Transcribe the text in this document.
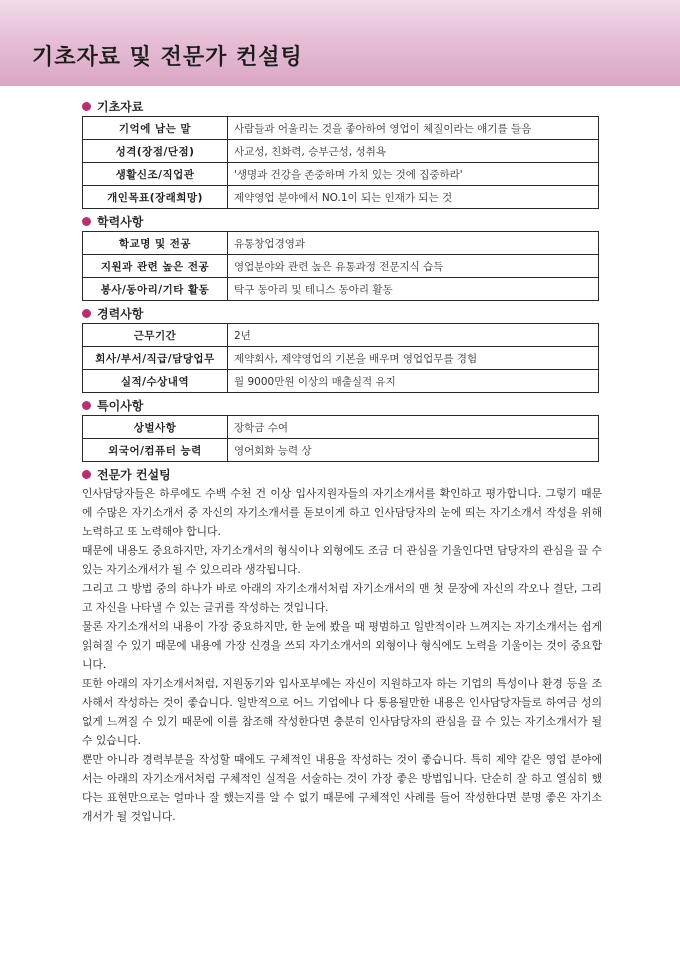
기초자료 및 전문가 컨설팅
기초자료
기억에 남는 말	사람들과 어울리는 것을 좋아하여 영업이 체질이라는 얘기를 들음
성격(장점/단점)	사교성, 친화력, 승부근성, 성취욕
생활신조/직업관	'생명과 건강을 존중하며 가치 있는 것에 집중하라'
개인목표(장래희망)	제약영업 분야에서 NO.1이 되는 인재가 되는 것
학력사항
학교명 및 전공	유통창업경영과
지원과 관련 높은 전공	영업분야와 관련 높은 유통과정 전문지식 습득
봉사/동아리/기타 활동	탁구 동아리 및 테니스 동아리 활동
경력사항
근무기간	2년
회사/부서/직급/담당업무	제약회사, 제약영업의 기본을 배우며 영업업무를 경험
실적/수상내역	월 9000만원 이상의 매출실적 유지
특이사항
상벌사항	장학금 수여
외국어/컴퓨터 능력	영어회화 능력 상
전문가 컨설팅

인사담당자들은 하루에도 수백 수천 건 이상 입사지원자들의 자기소개서를 확인하고 평가합니다. 그렇기 때문에 수많은 자기소개서 중 자신의 자기소개서를 돋보이게 하고 인사담당자의 눈에 띄는 자기소개서 작성을 위해 노력하고 또 노력해야 합니다.

때문에 내용도 중요하지만, 자기소개서의 형식이나 외형에도 조금 더 관심을 기울인다면 담당자의 관심을 끌 수 있는 자기소개서가 될 수 있으리라 생각됩니다.

그리고 그 방법 중의 하나가 바로 아래의 자기소개서처럼 자기소개서의 맨 첫 문장에 자신의 각오나 결단, 그리고 자신을 나타낼 수 있는 글귀를 작성하는 것입니다.

물론 자기소개서의 내용이 가장 중요하지만, 한 눈에 봤을 때 평범하고 일반적이라 느껴지는 자기소개서는 쉽게 읽혀질 수 있기 때문에 내용에 가장 신경을 쓰되 자기소개서의 외형이나 형식에도 노력을 기울이는 것이 중요합니다.

또한 아래의 자기소개서처럼, 지원동기와 입사포부에는 자신이 지원하고자 하는 기업의 특성이나 환경 등을 조사해서 작성하는 것이 좋습니다. 일반적으로 어느 기업에나 다 통용될만한 내용은 인사담당자들로 하여금 성의 없게 느껴질 수 있기 때문에 이를 참조해 작성한다면 충분히 인사담당자의 관심을 끌 수 있는 자기소개서가 될 수 있습니다.

뿐만 아니라 경력부분을 작성할 때에도 구체적인 내용을 작성하는 것이 좋습니다. 특히 제약 같은 영업 분야에서는 아래의 자기소개서처럼 구체적인 실적을 서술하는 것이 가장 좋은 방법입니다. 단순히 잘 하고 열심히 했다는 표현만으로는 얼마나 잘 했는지를 알 수 없기 때문에 구체적인 사례를 들어 작성한다면 분명 좋은 자기소개서가 될 것입니다.
